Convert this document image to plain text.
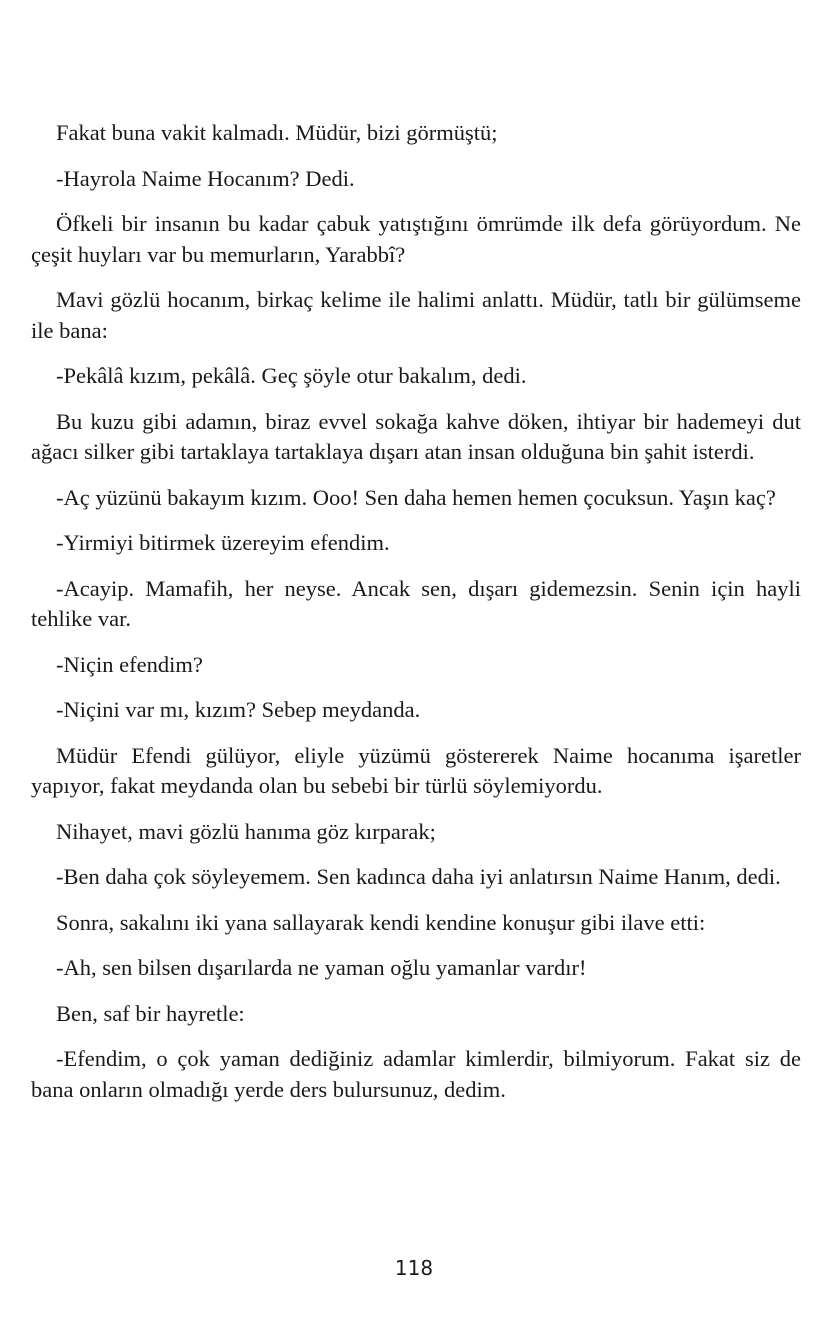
Fakat buna vakit kalmadı. Müdür, bizi görmüştü;

-Hayrola Naime Hocanım? Dedi.

Öfkeli bir insanın bu kadar çabuk yatıştığını ömrümde ilk defa görüyordum. Ne çeşit huyları var bu memurların, Yarabbî?

Mavi gözlü hocanım, birkaç kelime ile halimi anlattı. Müdür, tatlı bir gülümseme ile bana:

-Pekâlâ kızım, pekâlâ. Geç şöyle otur bakalım, dedi.

Bu kuzu gibi adamın, biraz evvel sokağa kahve döken, ihtiyar bir hademeyi dut ağacı silker gibi tartaklaya tartaklaya dışarı atan insan olduğuna bin şahit isterdi.

-Aç yüzünü bakayım kızım. Ooo! Sen daha hemen hemen çocuksun. Yaşın kaç?

-Yirmiyi bitirmek üzereyim efendim.

-Acayip. Mamafih, her neyse. Ancak sen, dışarı gidemezsin. Senin için hayli tehlike var.

-Niçin efendim?

-Niçini var mı, kızım? Sebep meydanda.

Müdür Efendi gülüyor, eliyle yüzümü göstererek Naime hocanıma işaretler yapıyor, fakat meydanda olan bu sebebi bir türlü söylemiyordu.

Nihayet, mavi gözlü hanıma göz kırparak;

-Ben daha çok söyleyemem. Sen kadınca daha iyi anlatırsın Naime Hanım, dedi.

Sonra, sakalını iki yana sallayarak kendi kendine konuşur gibi ilave etti:

-Ah, sen bilsen dışarılarda ne yaman oğlu yamanlar vardır!

Ben, saf bir hayretle:

-Efendim, o çok yaman dediğiniz adamlar kimlerdir, bilmiyorum. Fakat siz de bana onların olmadığı yerde ders bulursunuz, dedim.

118
